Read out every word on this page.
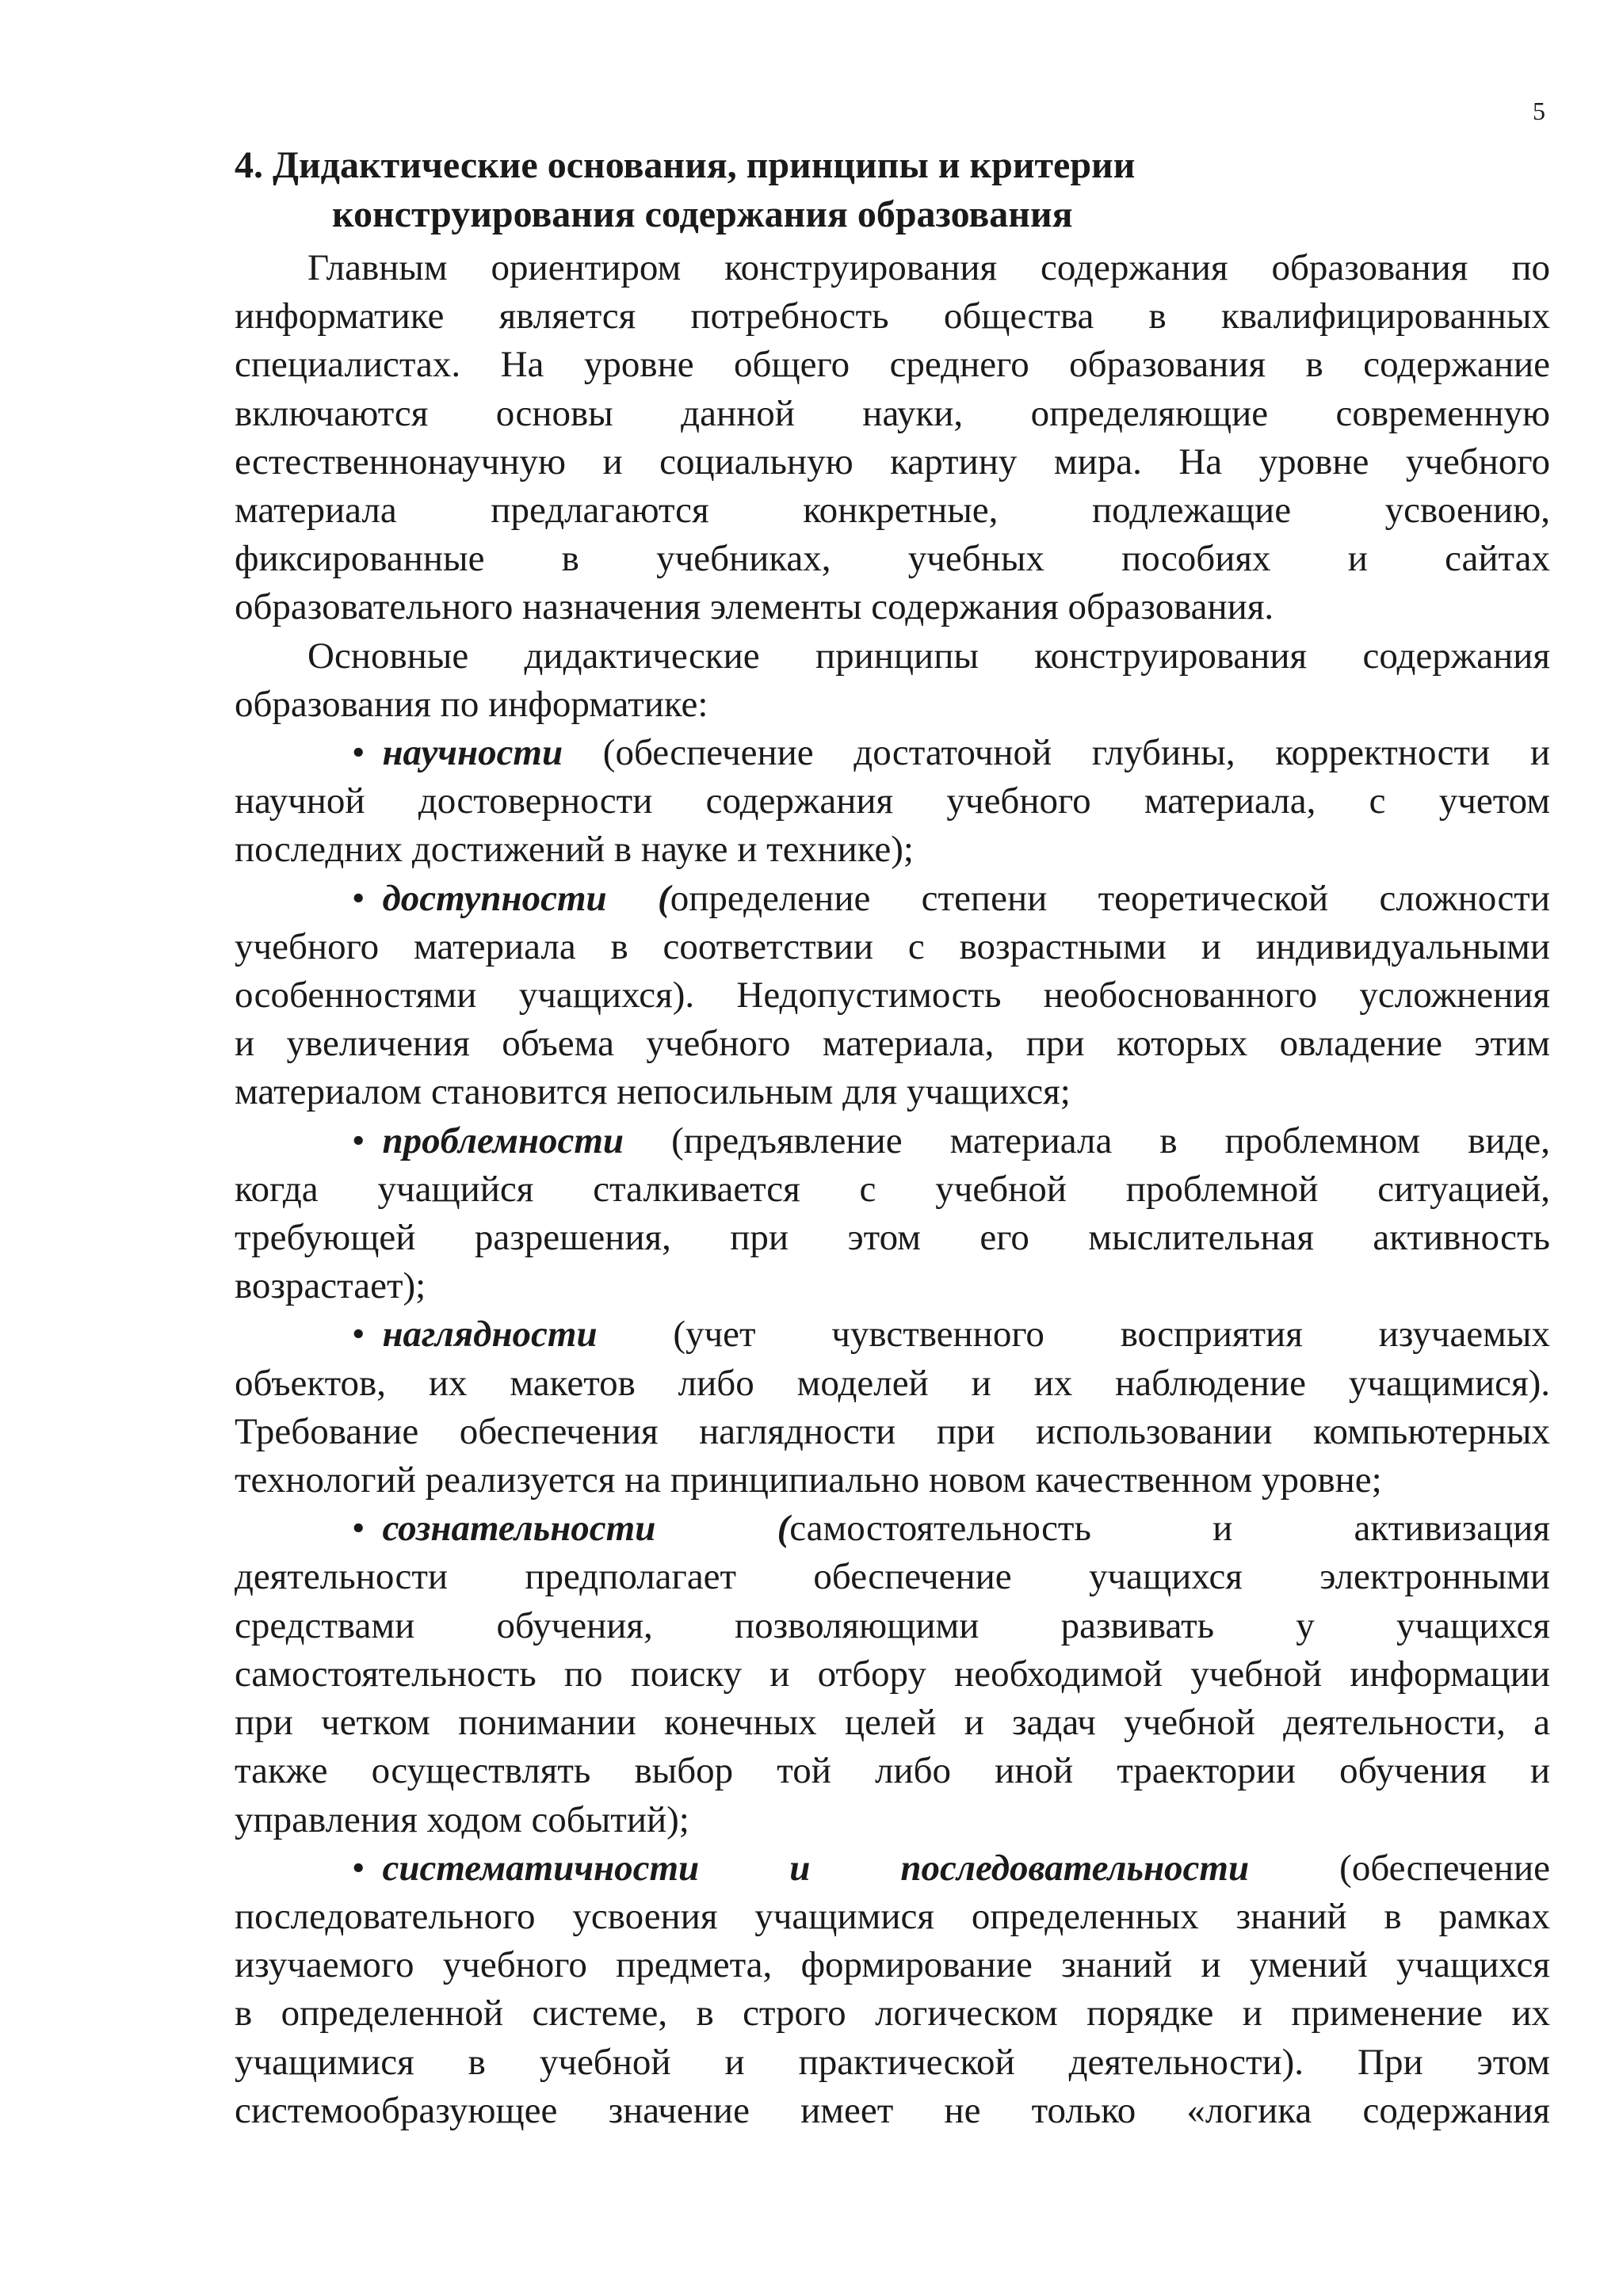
5
4. Дидактические основания, принципы и критерии
конструирования содержания образования
Главным ориентиром конструирования содержания образования по
информатике является потребность общества в квалифицированных
специалистах. На уровне общего среднего образования в содержание
включаются основы данной науки, определяющие современную
естественнонаучную и социальную картину мира. На уровне учебного
материала предлагаются конкретные, подлежащие усвоению,
фиксированные в учебниках, учебных пособиях и сайтах
образовательного назначения элементы содержания образования.
Основные дидактические принципы конструирования содержания
образования по информатике:
• научности (обеспечение достаточной глубины, корректности и
научной достоверности содержания учебного материала, с учетом
последних достижений в науке и технике);
• доступности (определение степени теоретической сложности
учебного материала в соответствии с возрастными и индивидуальными
особенностями учащихся). Недопустимость необоснованного усложнения
и увеличения объема учебного материала, при которых овладение этим
материалом становится непосильным для учащихся;
• проблемности (предъявление материала в проблемном виде,
когда учащийся сталкивается с учебной проблемной ситуацией,
требующей разрешения, при этом его мыслительная активность
возрастает);
• наглядности (учет чувственного восприятия изучаемых
объектов, их макетов либо моделей и их наблюдение учащимися).
Требование обеспечения наглядности при использовании компьютерных
технологий реализуется на принципиально новом качественном уровне;
• сознательности (самостоятельность и активизация
деятельности предполагает обеспечение учащихся электронными
средствами обучения, позволяющими развивать у учащихся
самостоятельность по поиску и отбору необходимой учебной информации
при четком понимании конечных целей и задач учебной деятельности, а
также осуществлять выбор той либо иной траектории обучения и
управления ходом событий);
• систематичности и последовательности (обеспечение
последовательного усвоения учащимися определенных знаний в рамках
изучаемого учебного предмета, формирование знаний и умений учащихся
в определенной системе, в строго логическом порядке и применение их
учащимися в учебной и практической деятельности). При этом
системообразующее значение имеет не только «логика содержания
